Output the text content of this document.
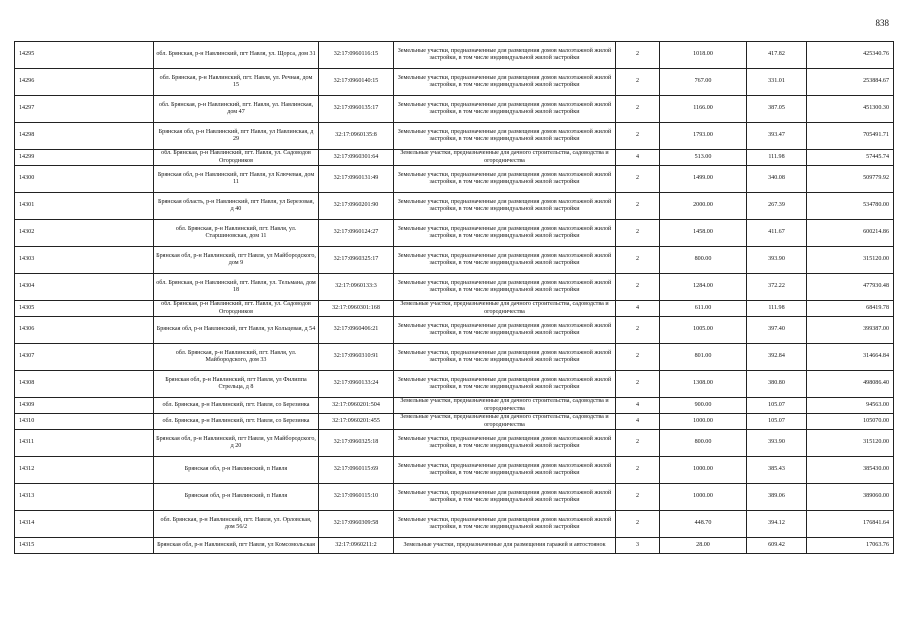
838
14295	обл. Брянская, р-н Навлинский, пгт Навля, ул. Щорса, дом 31	32:17:0960116:15	Земельные участки, предназначенные для размещения домов малоэтажной жилой застройки, в том числе индивидуальной жилой застройки	2	1018.00	417.82	425340.76
14296	обл. Брянская, р-н Навлинский, пгт. Навля, ул. Речная, дом 15	32:17:0960140:15	Земельные участки, предназначенные для размещения домов малоэтажной жилой застройки, в том числе индивидуальной жилой застройки	2	767.00	331.01	253884.67
14297	обл. Брянская, р-н Навлинский, пгт. Навля, ул. Навлинская, дом 47	32:17:0960135:17	Земельные участки, предназначенные для размещения домов малоэтажной жилой застройки, в том числе индивидуальной жилой застройки	2	1166.00	387.05	451300.30
14298	Брянская обл, р-н Навлинский, пгт Навля, ул Навлинская, д 29	32:17:0960135:8	Земельные участки, предназначенные для размещения домов малоэтажной жилой застройки, в том числе индивидуальной жилой застройки	2	1793.00	393.47	705491.71
14299	обл. Брянская, р-н Навлинский, пгт. Навля, ул. Садоводов Огородников	32:17:0960301:64	Земельные участки, предназначенные для дачного строительства, садоводства и огородничества	4	513.00	111.98	57445.74
14300	Брянская обл, р-н Навлинский, пгт Навля, ул Ключевая, дом 11	32:17:0960131:49	Земельные участки, предназначенные для размещения домов малоэтажной жилой застройки, в том числе индивидуальной жилой застройки	2	1499.00	340.08	509779.92
14301	Брянская область, р-н Навлинский, пгт Навля, ул Березовая, д 40	32:17:0960201:90	Земельные участки, предназначенные для размещения домов малоэтажной жилой застройки, в том числе индивидуальной жилой застройки	2	2000.00	267.39	534780.00
14302	обл. Брянская, р-н Навлинский, пгт. Навля, ул. Старшиновская, дом 11	32:17:0960124:27	Земельные участки, предназначенные для размещения домов малоэтажной жилой застройки, в том числе индивидуальной жилой застройки	2	1458.00	411.67	600214.86
14303	Брянская обл, р-н Навлинский, пгт Навля, ул Майбородского, дом 9	32:17:0960325:17	Земельные участки, предназначенные для размещения домов малоэтажной жилой застройки, в том числе индивидуальной жилой застройки	2	800.00	393.90	315120.00
14304	обл. Брянская, р-н Навлинский, пгт. Навля, ул. Тельмана, дом 18	32:17:0960133:3	Земельные участки, предназначенные для размещения домов малоэтажной жилой застройки, в том числе индивидуальной жилой застройки	2	1284.00	372.22	477930.48
14305	обл. Брянская, р-н Навлинский, пгт. Навля, ул. Садоводов Огородников	32:17:0960301:168	Земельные участки, предназначенные для дачного строительства, садоводства и огородничества	4	611.00	111.98	68419.78
14306	Брянская обл, р-н Навлинский, пгт Навля, ул Кольцевая, д 54	32:17:0960406:21	Земельные участки, предназначенные для размещения домов малоэтажной жилой застройки, в том числе индивидуальной жилой застройки	2	1005.00	397.40	399387.00
14307	обл. Брянская, р-н Навлинский, пгт. Навля, ул. Майбородского, дом 33	32:17:0960310:91	Земельные участки, предназначенные для размещения домов малоэтажной жилой застройки, в том числе индивидуальной жилой застройки	2	801.00	392.84	314664.84
14308	Брянская обл, р-н Навлинский, пгт Навля, ул Филиппа Стрельца, д 8	32:17:0960133:24	Земельные участки, предназначенные для размещения домов малоэтажной жилой застройки, в том числе индивидуальной жилой застройки	2	1308.00	380.80	498086.40
14309	обл. Брянская, р-н Навлинский, пгт. Навля, со Березинка	32:17:0960201:504	Земельные участки, предназначенные для дачного строительства, садоводства и огородничества	4	900.00	105.07	94563.00
14310	обл. Брянская, р-н Навлинский, пгт. Навля, со Березинка	32:17:0960201:455	Земельные участки, предназначенные для дачного строительства, садоводства и огородничества	4	1000.00	105.07	105070.00
14311	Брянская обл, р-н Навлинский, пгт Навля, ул Майбородского, д 20	32:17:0960325:18	Земельные участки, предназначенные для размещения домов малоэтажной жилой застройки, в том числе индивидуальной жилой застройки	2	800.00	393.90	315120.00
14312	Брянская обл, р-н Навлинский, п Навля	32:17:0960115:69	Земельные участки, предназначенные для размещения домов малоэтажной жилой застройки, в том числе индивидуальной жилой застройки	2	1000.00	385.43	385430.00
14313	Брянская обл, р-н Навлинский, п Навля	32:17:0960115:10	Земельные участки, предназначенные для размещения домов малоэтажной жилой застройки, в том числе индивидуальной жилой застройки	2	1000.00	389.06	389060.00
14314	обл. Брянская, р-н Навлинский, пгт. Навля, ул. Орловская, дом 56/2	32:17:0960309:58	Земельные участки, предназначенные для размещения домов малоэтажной жилой застройки, в том числе индивидуальной жилой застройки	2	448.70	394.12	176841.64
14315	Брянская обл, р-н Навлинский, пгт Навля, ул Комсомольская	32:17:0960211:2	Земельные участки, предназначенные для размещения гаражей и автостоянок	3	28.00	609.42	17063.76
